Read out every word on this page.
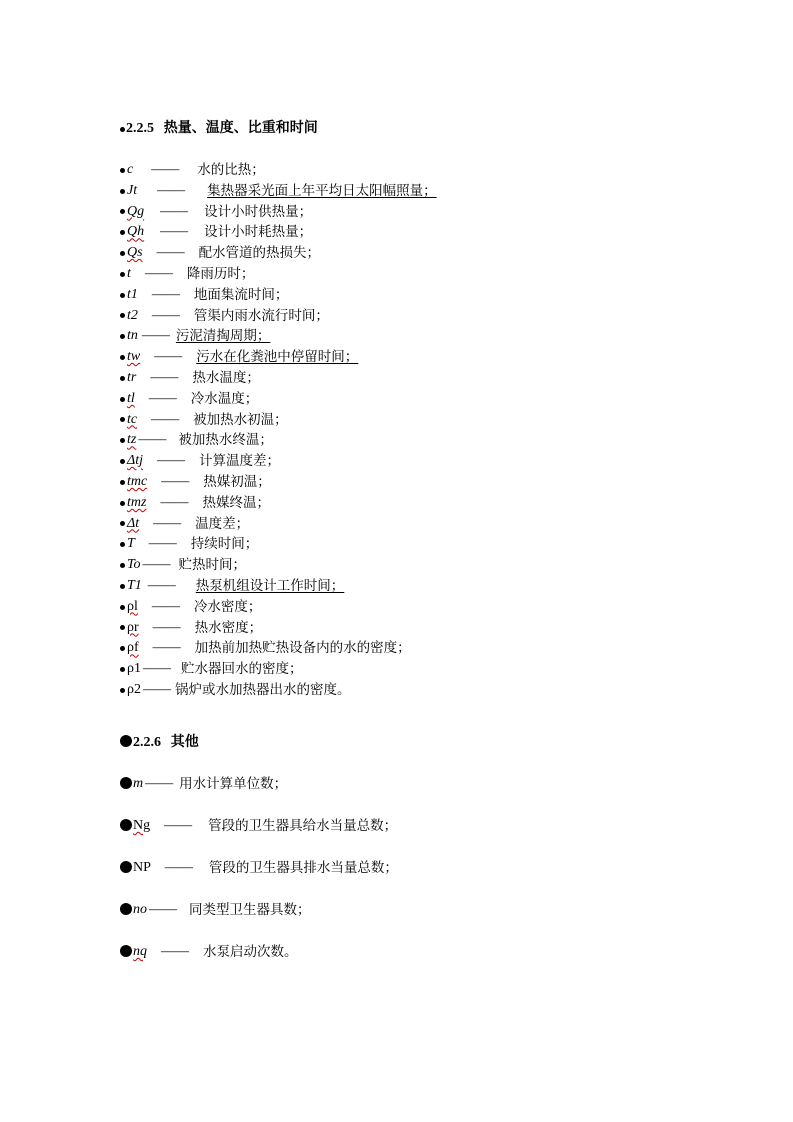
2.2.5 热量、温度、比重和时间
c —— 水的比热；
Jt —— 集热器采光面上年平均日太阳幅照量；
Qg —— 设计小时供热量；
Qh —— 设计小时耗热量；
Qs —— 配水管道的热损失；
t —— 降雨历时；
t1 —— 地面集流时间；
t2 —— 管渠内雨水流行时间；
tn —— 污泥清掏周期；
tw —— 污水在化粪池中停留时间；
tr —— 热水温度；
tl —— 冷水温度；
tc —— 被加热水初温；
tz —— 被加热水终温；
Δtj —— 计算温度差；
tmc —— 热媒初温；
tmz —— 热媒终温；
Δt —— 温度差；
T —— 持续时间；
To —— 贮热时间；
T1 —— 热泵机组设计工作时间；
ρl —— 冷水密度；
ρr —— 热水密度；
ρf —— 加热前加热贮热设备内的水的密度；
ρ1 —— 贮水器回水的密度；
ρ2 —— 锅炉或水加热器出水的密度。
2.2.6 其他
m —— 用水计算单位数；
Ng —— 管段的卫生器具给水当量总数；
NP —— 管段的卫生器具排水当量总数；
no —— 同类型卫生器具数；
nq —— 水泵启动次数。
